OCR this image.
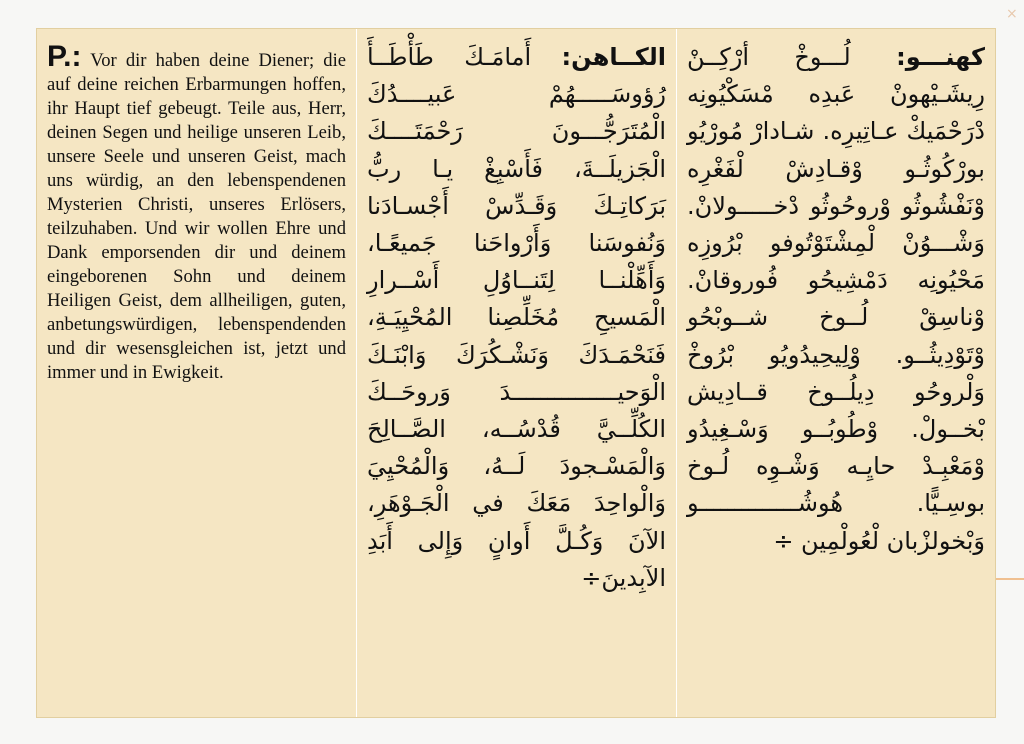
×
P.: Vor dir haben deine Diener; die auf deine reichen Erbarmungen hoffen, ihr Haupt tief gebeugt. Teile aus, Herr, deinen Segen und heilige unseren Leib, unsere Seele und unseren Geist, mach uns würdig, an den lebenspendenen Mysterien Christi, unseres Erlösers, teilzuhaben. Und wir wollen Ehre und Dank emporsenden dir und deinem eingeborenen Sohn und deinem Heiligen Geist, dem allheiligen, guten, anbetungswürdigen, lebenspendenden und dir wesensgleichen ist, jetzt und immer und in Ewigkeit.
الكــاهن: أَمامَـكَ طَأْطَــأَ رُؤوسَـــــهُمْ عَبيــــدُكَ الْمُتَرَجُّـــونَ رَحْمَتَــــكَ الْجَزيلَــةَ، فَأَسْبِغْ يـا ربُّ بَرَكاتِـكَ وَقَـدِّسْ أَجْسـادَنا وَنُفوسَنا وَأَرْواحَنا جَميعًـا، وَأَهِّلْنــا لِتَنــاوُلِ أَسْــرارِ الْمَسيحِ مُخَلِّصِنا المُحْيِيَـةِ، فَنَحْمَـدَكَ وَنَشْـكُرَكَ وَابْنَـكَ الْوَحيـــــــــــــــدَ وَروحَــكَ الكُلِّــيَّ قُدْسُــه، الصَّــالِحَ وَالْمَسْـجودَ لَــهُ، وَالْمُحْيِيَ وَالْواحِدَ مَعَكَ في الْجَـوْهَرِ، الآنَ وَكُـلَّ أَوانٍ وَإِلى أَبَدِ الآبِدينَ÷
كهنـــو: لُـــوخْ أرْكِــنْ رِيشَـيْهونْ عَبدِه مْسَكْيُونِه دْرَحْمَيكْ عـاتِيرِه. شـادارْ مُورْيُو بورْكُوثُـو وْقـادِشْ لْفَغْرِه وْنَفْشُوثُو وْروحُوثُو دْخـــــولانْ. وَشْـــوُنْ لْمِشْتَوْتُوفو بْرُوزِه مَحْيُونِه دَمْشِيحُو فُوروقانْ. وْناسِقْ لُــوخ شــوبْحُو وْتَوْدِيثُــو. وْلِيحِيدُويُو بْرُوخْ وَلْروحُو دِيلُــوخ قــادِيش بْخــولْ. وْطُوبُــو وَسْـغِيدُو وْمَعْبِـدْ حايِـه وَشْـوِه لُـوخ بوسِـيًّا. هُوشُــــــــــــــو وَبْخولزْبان لْعُولْمِين ÷
